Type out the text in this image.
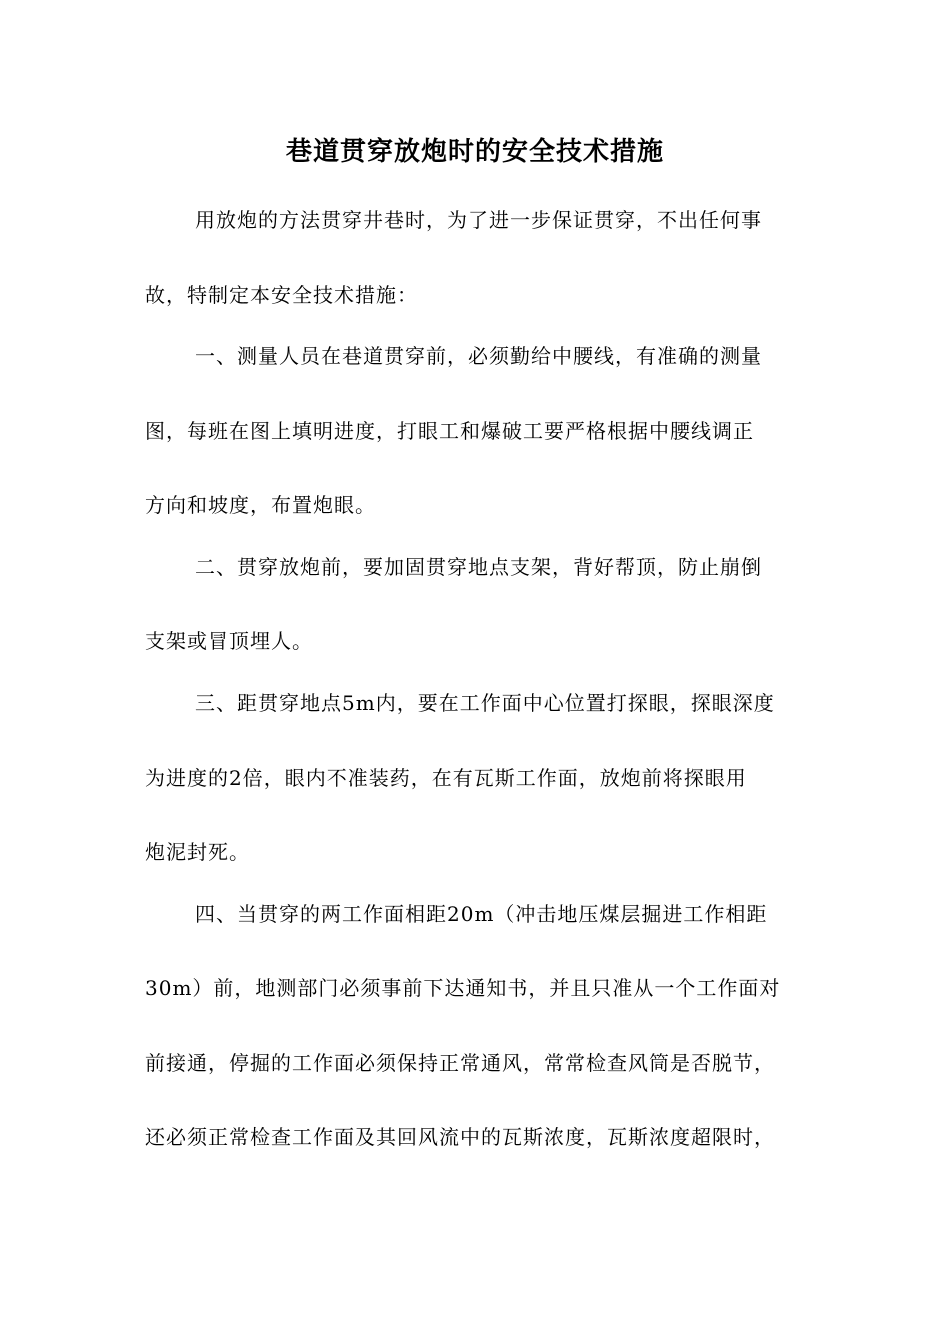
巷道贯穿放炮时的安全技术措施
用放炮的方法贯穿井巷时，为了进一步保证贯穿，不出任何事
故，特制定本安全技术措施：
一、测量人员在巷道贯穿前，必须勤给中腰线，有准确的测量
图，每班在图上填明进度，打眼工和爆破工要严格根据中腰线调正
方向和坡度，布置炮眼。
二、贯穿放炮前，要加固贯穿地点支架，背好帮顶，防止崩倒
支架或冒顶埋人。
三、距贯穿地点5m内，要在工作面中心位置打探眼，探眼深度
为进度的2倍，眼内不准装药，在有瓦斯工作面，放炮前将探眼用
炮泥封死。
四、当贯穿的两工作面相距20m（冲击地压煤层掘进工作相距
30m）前，地测部门必须事前下达通知书，并且只准从一个工作面对
前接通，停掘的工作面必须保持正常通风，常常检查风筒是否脱节，
还必须正常检查工作面及其回风流中的瓦斯浓度，瓦斯浓度超限时，
